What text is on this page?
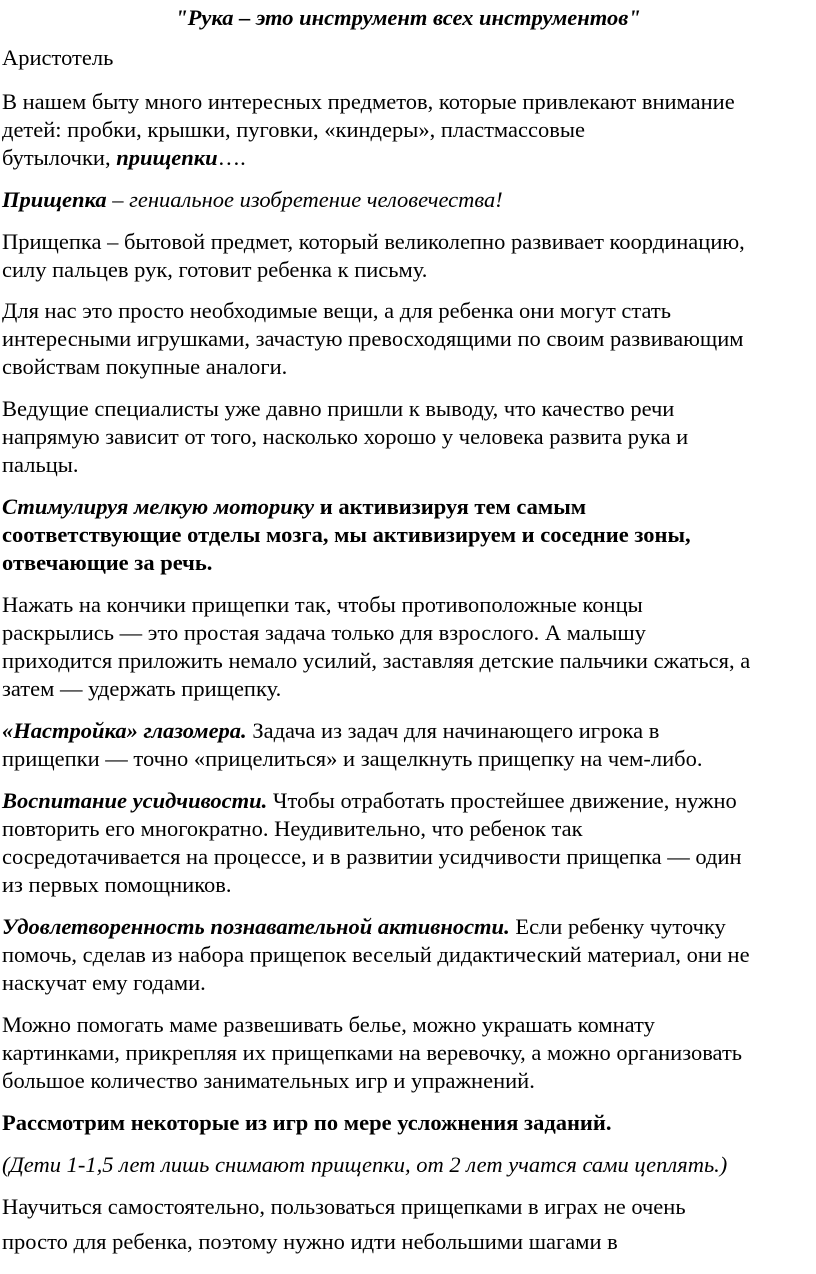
"Рука – это инструмент всех инструментов"
Аристотель
В нашем быту много интересных предметов, которые привлекают внимание
детей: пробки, крышки, пуговки, «киндеры», пластмассовые
бутылочки, прищепки….
Прищепка – гениальное изобретение человечества!
Прищепка – бытовой предмет, который великолепно развивает координацию,
силу пальцев рук, готовит ребенка к письму.
Для нас это просто необходимые вещи, а для ребенка они могут стать
интересными игрушками, зачастую превосходящими по своим развивающим
свойствам покупные аналоги.
Ведущие специалисты уже давно пришли к выводу, что качество речи
напрямую зависит от того, насколько хорошо у человека развита рука и
пальцы.
Стимулируя мелкую моторику и активизируя тем самым
соответствующие отделы мозга, мы активизируем и соседние зоны,
отвечающие за речь.
Нажать на кончики прищепки так, чтобы противоположные концы
раскрылись — это простая задача только для взрослого. А малышу
приходится приложить немало усилий, заставляя детские пальчики сжаться, а
затем — удержать прищепку.
«Настройка» глазомера. Задача из задач для начинающего игрока в
прищепки — точно «прицелиться» и защелкнуть прищепку на чем-либо.
Воспитание усидчивости. Чтобы отработать простейшее движение, нужно
повторить его многократно. Неудивительно, что ребенок так
сосредотачивается на процессе, и в развитии усидчивости прищепка — один
из первых помощников.
Удовлетворенность познавательной активности. Если ребенку чуточку
помочь, сделав из набора прищепок веселый дидактический материал, они не
наскучат ему годами.
Можно помогать маме развешивать белье, можно украшать комнату
картинками, прикрепляя их прищепками на веревочку, а можно организовать
большое количество занимательных игр и упражнений.
Рассмотрим некоторые из игр по мере усложнения заданий.
(Дети 1-1,5 лет лишь снимают прищепки, от 2 лет учатся сами цеплять.)
Научиться самостоятельно, пользоваться прищепками в играх не очень
просто для ребенка, поэтому нужно идти небольшими шагами в
